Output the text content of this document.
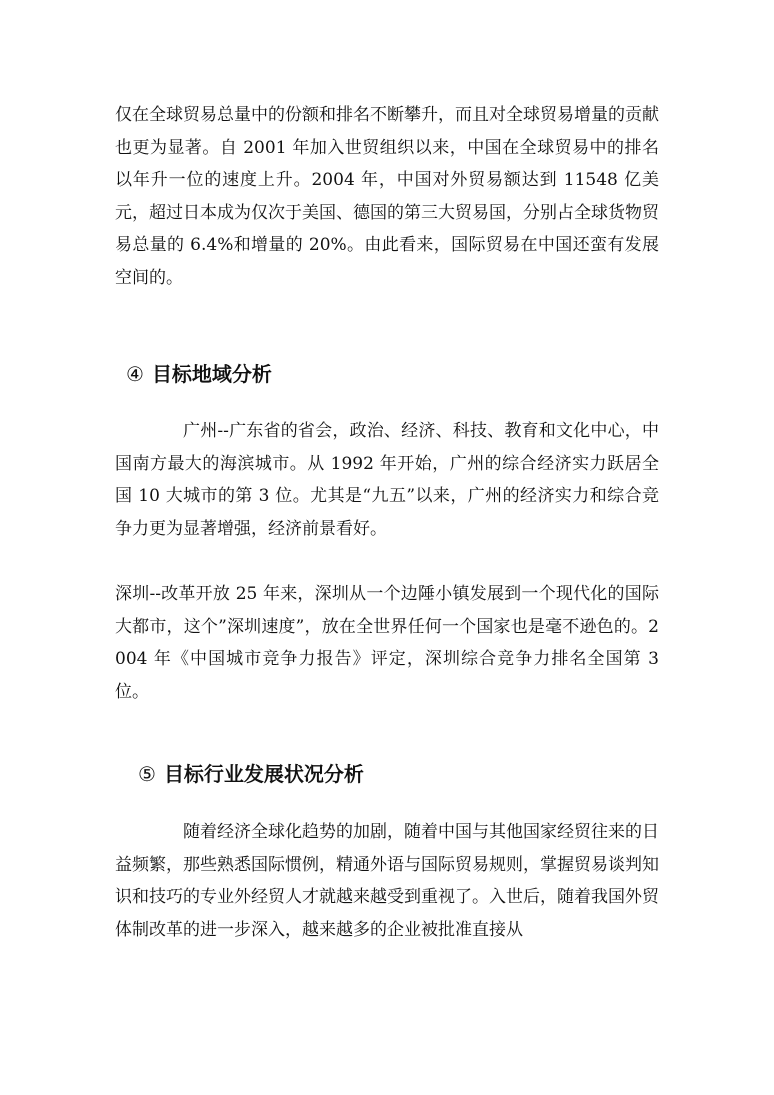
仅在全球贸易总量中的份额和排名不断攀升，而且对全球贸易增量的贡献也更为显著。自 2001 年加入世贸组织以来，中国在全球贸易中的排名以年升一位的速度上升。2004 年，中国对外贸易额达到 11548 亿美元，超过日本成为仅次于美国、德国的第三大贸易国，分别占全球货物贸易总量的 6.4%和增量的 20%。由此看来，国际贸易在中国还蛮有发展空间的。

④ 目标地域分析

广州--广东省的省会，政治、经济、科技、教育和文化中心，中国南方最大的海滨城市。从 1992 年开始，广州的综合经济实力跃居全国 10 大城市的第 3 位。尤其是“九五”以来，广州的经济实力和综合竞争力更为显著增强，经济前景看好。

深圳--改革开放 25 年来，深圳从一个边陲小镇发展到一个现代化的国际大都市，这个”深圳速度”，放在全世界任何一个国家也是毫不逊色的。2004 年《中国城市竞争力报告》评定，深圳综合竞争力排名全国第 3 位。

⑤ 目标行业发展状况分析

随着经济全球化趋势的加剧，随着中国与其他国家经贸往来的日益频繁，那些熟悉国际惯例，精通外语与国际贸易规则，掌握贸易谈判知识和技巧的专业外经贸人才就越来越受到重视了。入世后，随着我国外贸体制改革的进一步深入，越来越多的企业被批准直接从
